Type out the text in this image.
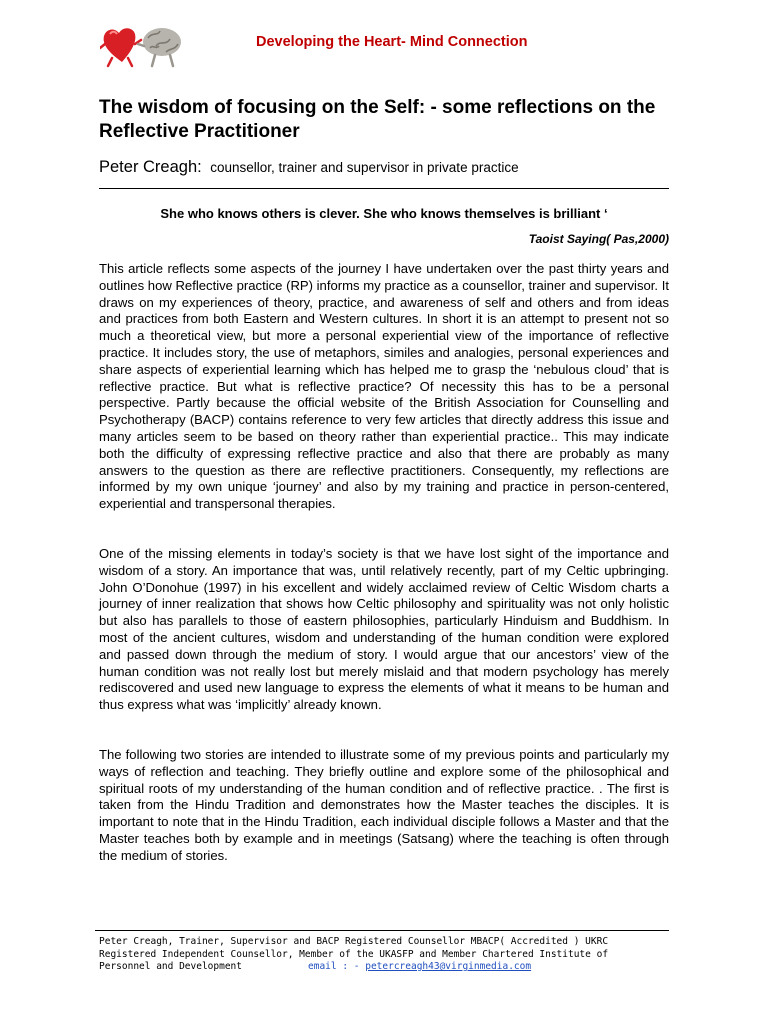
Developing the Heart- Mind Connection
The wisdom of focusing on the Self: - some reflections on the Reflective Practitioner
Peter Creagh: counsellor, trainer and supervisor in private practice
She who knows others is clever. She who knows themselves is brilliant ‘
Taoist Saying( Pas,2000)

This article reflects some aspects of the journey I have undertaken over the past thirty years and outlines how Reflective practice (RP) informs my practice as a counsellor, trainer and supervisor. It draws on my experiences of theory, practice, and awareness of self and others and from ideas and practices from both Eastern and Western cultures. In short it is an attempt to present not so much a theoretical view, but more a personal experiential view of the importance of reflective practice. It includes story, the use of metaphors, similes and analogies, personal experiences and share aspects of experiential learning which has helped me to grasp the ‘nebulous cloud’ that is reflective practice. But what is reflective practice? Of necessity this has to be a personal perspective. Partly because the official website of the British Association for Counselling and Psychotherapy (BACP) contains reference to very few articles that directly address this issue and many articles seem to be based on theory rather than experiential practice.. This may indicate both the difficulty of expressing reflective practice and also that there are probably as many answers to the question as there are reflective practitioners. Consequently, my reflections are informed by my own unique ‘journey’ and also by my training and practice in person-centered, experiential and transpersonal therapies.

One of the missing elements in today’s society is that we have lost sight of the importance and wisdom of a story. An importance that was, until relatively recently, part of my Celtic upbringing. John O’Donohue (1997) in his excellent and widely acclaimed review of Celtic Wisdom charts a journey of inner realization that shows how Celtic philosophy and spirituality was not only holistic but also has parallels to those of eastern philosophies, particularly Hinduism and Buddhism. In most of the ancient cultures, wisdom and understanding of the human condition were explored and passed down through the medium of story. I would argue that our ancestors’ view of the human condition was not really lost but merely mislaid and that modern psychology has merely rediscovered and used new language to express the elements of what it means to be human and thus express what was ‘implicitly’ already known.

The following two stories are intended to illustrate some of my previous points and particularly my ways of reflection and teaching. They briefly outline and explore some of the philosophical and spiritual roots of my understanding of the human condition and of reflective practice. . The first is taken from the Hindu Tradition and demonstrates how the Master teaches the disciples. It is important to note that in the Hindu Tradition, each individual disciple follows a Master and that the Master teaches both by example and in meetings (Satsang) where the teaching is often through the medium of stories.

Peter Creagh, Trainer, Supervisor and BACP Registered Counsellor MBACP( Accredited ) UKRC
Registered Independent Counsellor, Member of the UKASFP and Member Chartered Institute of
Personnel and Development	email : - petercreagh43@virginmedia.com
